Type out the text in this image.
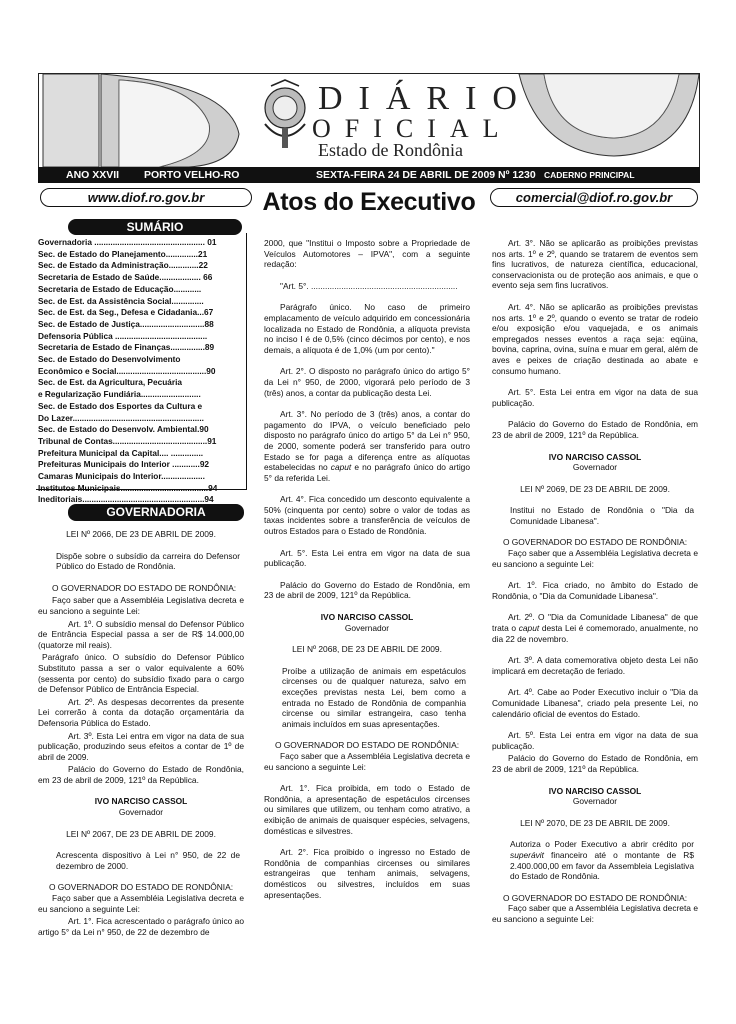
DIÁRIO
OFICIAL
Estado de Rondônia
ANO XXVII PORTO VELHO-RO	SEXTA-FEIRA 24 DE ABRIL DE 2009 Nº 1230 CADERNO PRINCIPAL
www.diof.ro.gov.br	Atos do Executivo	comercial@diof.ro.gov.br
SUMÁRIO
Governadoria ................................................ 01
Sec. de Estado do Planejamento..............21
Sec. de Estado da Administração.............22
Secretaria de Estado de Saúde.................. 66
Secretaria de Estado de Educação............
Sec. de Est. da Assistência Social..............
Sec. de Est. da Seg., Defesa e Cidadania...67
Sec. de Estado de Justiça............................88
Defensoria Pública ........................................
Secretaria de Estado de Finanças...............89
Sec. de Estado do Desenvolvimento
Econômico e Social.......................................90
Sec. de Est. da Agricultura, Pecuária
e Regularização Fundiária..........................
Sec. de Estado dos Esportes da Cultura e
Do Lazer.........................................................
Sec. de Estado do Desenvolv. Ambiental.90
Tribunal de Contas.........................................91
Prefeitura Municipal da Capital.... ..............
Prefeituras Municipais do Interior ............92
Camaras Municipais do Interior...................
Institutos Municipais......................................94
Ineditoriais.....................................................94
GOVERNADORIA

LEI Nº 2066, DE 23 DE ABRIL DE 2009.

Dispõe sobre o subsídio da carreira do Defensor Público do Estado de Rondônia.

O GOVERNADOR DO ESTADO DE RONDÔNIA:

Faço saber que a Assembléia Legislativa decreta e eu sanciono a seguinte Lei:

Art. 1º. O subsídio mensal do Defensor Público de Entrância Especial passa a ser de R$ 14.000,00 (quatorze mil reais).

Parágrafo único. O subsídio do Defensor Público Substituto passa a ser o valor equivalente a 60% (sessenta por cento) do subsídio fixado para o cargo de Defensor Público de Entrância Especial.

Art. 2º. As despesas decorrentes da presente Lei correrão à conta da dotação orçamentária da Defensoria Pública do Estado.

Art. 3º. Esta Lei entra em vigor na data de sua publicação, produzindo seus efeitos a contar de 1º de abril de 2009.

Palácio do Governo do Estado de Rondônia, em 23 de abril de 2009, 121º da República.

IVO NARCISO CASSOL

Governador

LEI Nº 2067, DE 23 DE ABRIL DE 2009.

Acrescenta dispositivo à Lei n° 950, de 22 de dezembro de 2000.

O GOVERNADOR DO ESTADO DE RONDÔNIA:

Faço saber que a Assembléia Legislativa decreta e eu sanciono a seguinte Lei:

Art. 1°. Fica acrescentado o parágrafo único ao artigo 5° da Lei n° 950, de 22 de dezembro de

2000, que "Institui o Imposto sobre a Propriedade de Veículos Automotores – IPVA", com a seguinte redação:

"Art. 5°. ...............................................................

Parágrafo único. No caso de primeiro emplacamento de veículo adquirido em concessionária localizada no Estado de Rondônia, a alíquota prevista no inciso I é de 0,5% (cinco décimos por cento), e nos demais, a alíquota é de 1,0% (um por cento)."

Art. 2°. O disposto no parágrafo único do artigo 5° da Lei n° 950, de 2000, vigorará pelo período de 3 (três) anos, a contar da publicação desta Lei.

Art. 3°. No período de 3 (três) anos, a contar do pagamento do IPVA, o veículo beneficiado pelo disposto no parágrafo único do artigo 5° da Lei n° 950, de 2000, somente poderá ser transferido para outro Estado se for paga a diferença entre as alíquotas estabelecidas no caput e no parágrafo único do artigo 5° da referida Lei.

Art. 4°. Fica concedido um desconto equivalente a 50% (cinquenta por cento) sobre o valor de todas as taxas incidentes sobre a transferência de veículos de outros Estados para o Estado de Rondônia.

Art. 5°. Esta Lei entra em vigor na data de sua publicação.

Palácio do Governo do Estado de Rondônia, em 23 de abril de 2009, 121º da República.

IVO NARCISO CASSOL

Governador

LEI Nº 2068, DE 23 DE ABRIL DE 2009.

Proíbe a utilização de animais em espetáculos circenses ou de qualquer natureza, salvo em exceções previstas nesta Lei, bem como a entrada no Estado de Rondônia de companhia circense ou similar estrangeira, caso tenha animais incluídos em suas apresentações.

O GOVERNADOR DO ESTADO DE RONDÔNIA:

Faço saber que a Assembléia Legislativa decreta e eu sanciono a seguinte Lei:

Art. 1°. Fica proibida, em todo o Estado de Rondônia, a apresentação de espetáculos circenses ou similares que utilizem, ou tenham como atrativo, a exibição de animais de quaisquer espécies, selvagens, domésticas e silvestres.

Art. 2°. Fica proibido o ingresso no Estado de Rondônia de companhias circenses ou similares estrangeiras que tenham animais, selvagens, domésticos ou silvestres, incluídos em suas apresentações.

Art. 3°. Não se aplicarão as proibições previstas nos arts. 1º e 2º, quando se tratarem de eventos sem fins lucrativos, de natureza científica, educacional, conservacionista ou de proteção aos animais, e que o evento seja sem fins lucrativos.

Art. 4°. Não se aplicarão as proibições previstas nos arts. 1º e 2º, quando o evento se tratar de rodeio e/ou exposição e/ou vaquejada, e os animais empregados nesses eventos a raça seja: eqüina, bovina, caprina, ovina, suína e muar em geral, além de aves e peixes de criação destinada ao abate e consumo humano.

Art. 5°. Esta Lei entra em vigor na data de sua publicação.

Palácio do Governo do Estado de Rondônia, em 23 de abril de 2009, 121º da República.

IVO NARCISO CASSOL

Governador

LEI Nº 2069, DE 23 DE ABRIL DE 2009.

Institui no Estado de Rondônia o "Dia da Comunidade Libanesa".

O GOVERNADOR DO ESTADO DE RONDÔNIA:

Faço saber que a Assembléia Legislativa decreta e eu sanciono a seguinte Lei:

Art. 1º. Fica criado, no âmbito do Estado de Rondônia, o "Dia da Comunidade Libanesa".

Art. 2º. O "Dia da Comunidade Libanesa" de que trata o caput desta Lei é comemorado, anualmente, no dia 22 de novembro.

Art. 3º. A data comemorativa objeto desta Lei não implicará em decretação de feriado.

Art. 4º. Cabe ao Poder Executivo incluir o "Dia da Comunidade Libanesa", criado pela presente Lei, no calendário oficial de eventos do Estado.

Art. 5º. Esta Lei entra em vigor na data de sua publicação.

Palácio do Governo do Estado de Rondônia, em 23 de abril de 2009, 121º da República.

IVO NARCISO CASSOL

Governador

LEI Nº 2070, DE 23 DE ABRIL DE 2009.

Autoriza o Poder Executivo a abrir crédito por superávit financeiro até o montante de R$ 2.400.000,00 em favor da Assembleia Legislativa do Estado de Rondônia.

O GOVERNADOR DO ESTADO DE RONDÔNIA:

Faço saber que a Assembléia Legislativa decreta e eu sanciono a seguinte Lei:
